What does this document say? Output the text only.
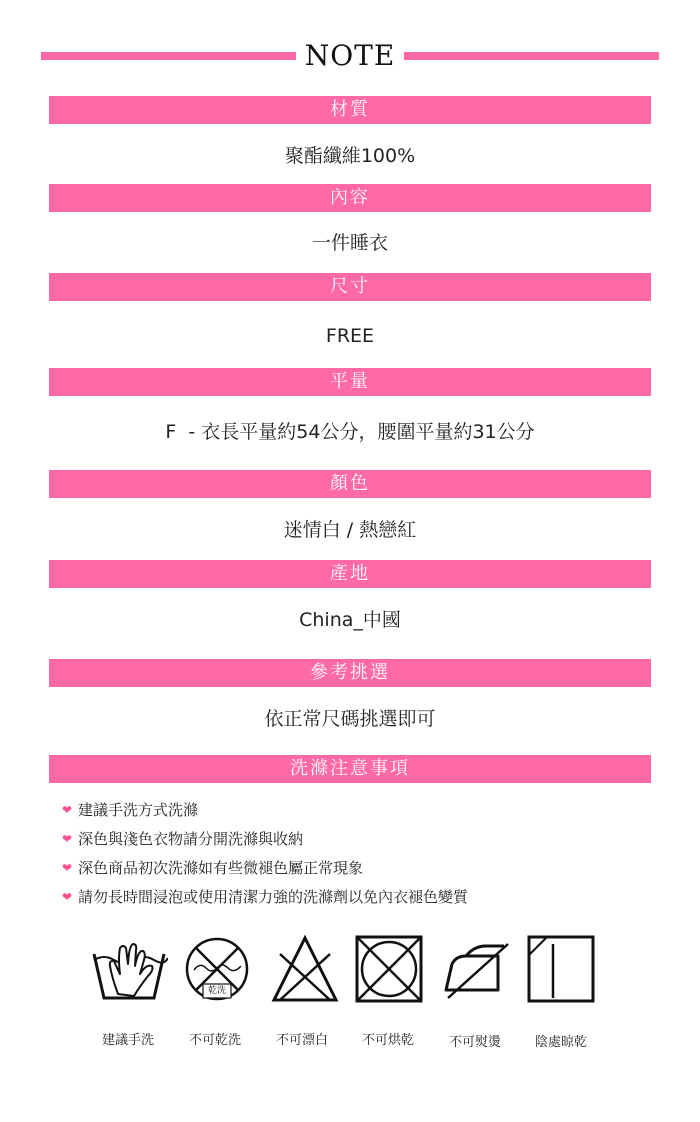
NOTE
材質
聚酯纖維100%
內容
一件睡衣
尺寸
FREE
平量
F  - 衣長平量約54公分，腰圍平量約31公分
顏色
迷情白 / 熱戀紅
產地
China_中國
參考挑選
依正常尺碼挑選即可
洗滌注意事項
❤ 建議手洗方式洗滌
❤ 深色與淺色衣物請分開洗滌與收納
❤ 深色商品初次洗滌如有些微褪色屬正常現象
❤ 請勿長時間浸泡或使用清潔力強的洗滌劑以免內衣褪色變質
乾洗
建議手洗	不可乾洗	不可漂白	不可烘乾	不可熨燙	陰處晾乾
